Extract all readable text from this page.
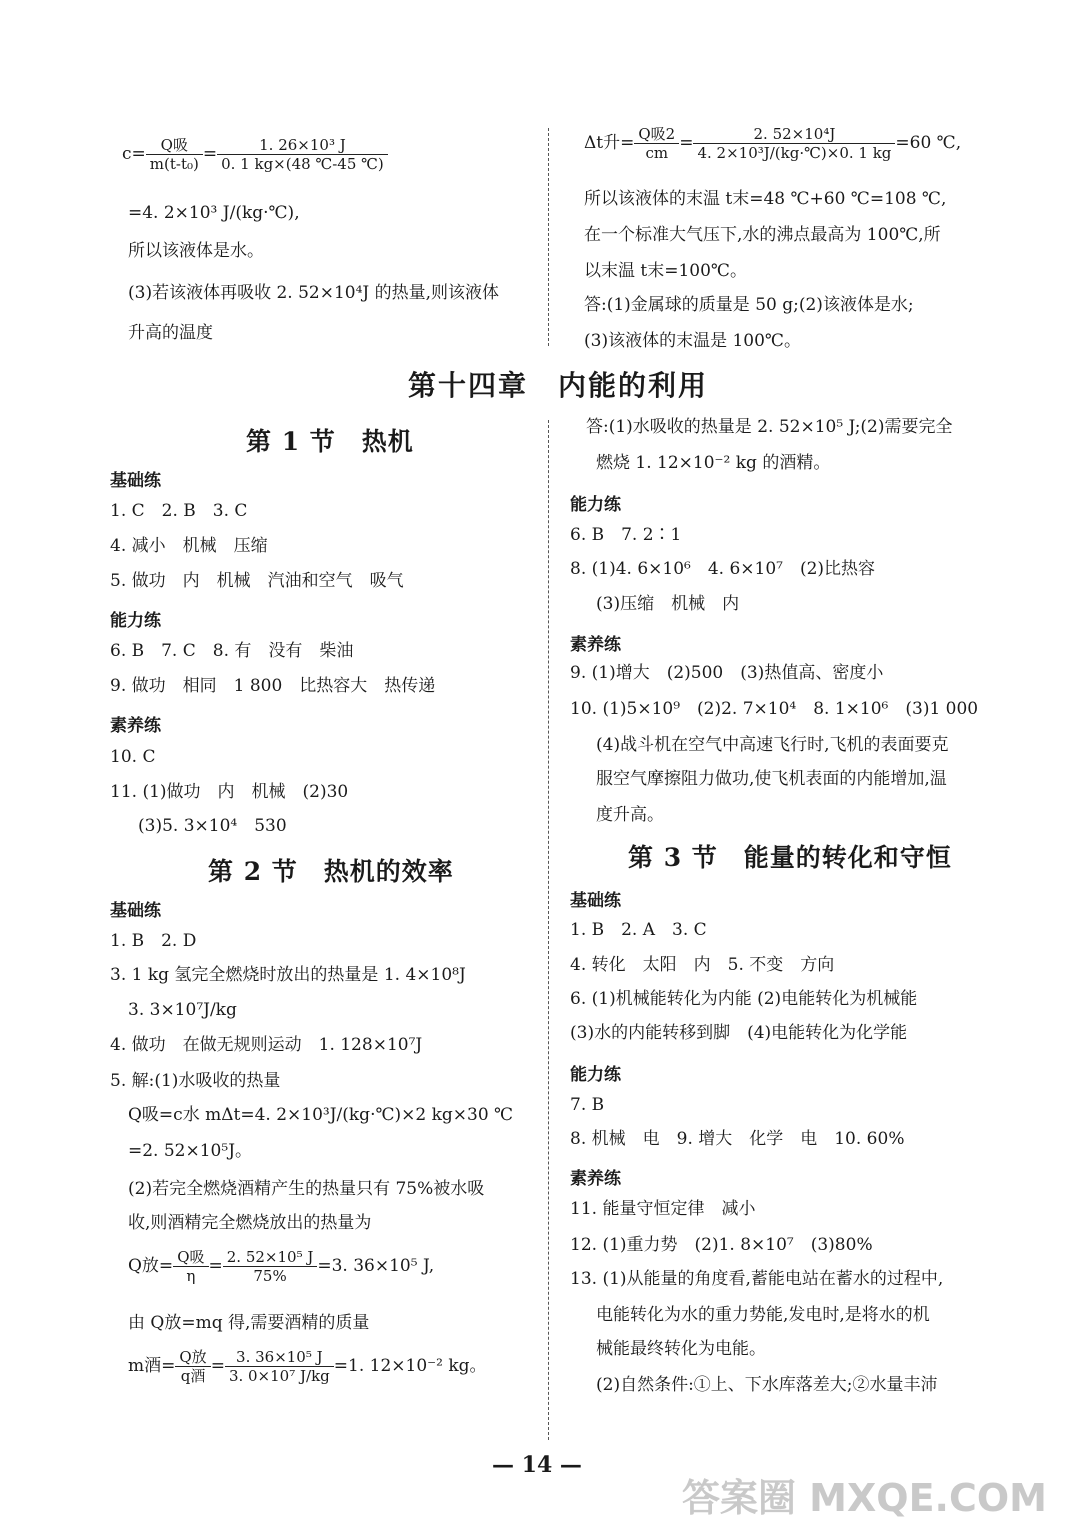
$c= \frac{\text{Q吸}}{\text{m(t-t₀)}} = \frac{\text{1. 26×10³ J}}{0. 1 kg\times(48 ℃-45 ℃)}$
=4. 2×10³ J/(kg·℃),
所以该液体是水。
(3)若该液体再吸收 2. 52×10⁴J 的热量,则该液体
升高的温度
Δt升= $\frac{\text{Q吸2}}{cm} = \frac{\text{2. 52×10⁴J}}{\text{4. 2×10³J/(kg·℃)×0. 1 kg}} =60$ ℃,
所以该液体的末温 t末=48 ℃+60 ℃=108 ℃,
在一个标准大气压下,水的沸点最高为 100℃,所
以末温 t末=100℃。
答:(1)金属球的质量是 50 g;(2)该液体是水;
(3)该液体的末温是 100℃。
第十四章　内能的利用
第 1 节　热机
基础练
1. C　2. B　3. C
4. 减小　机械　压缩
5. 做功　内　机械　汽油和空气　吸气
能力练
6. B　7. C　8. 有　没有　柴油
9. 做功　相同　1 800　比热容大　热传递
素养练
10. C
11. (1)做功　内　机械　(2)30
(3)5. 3×10⁴　530
第 2 节　热机的效率
基础练
1. B　2. D
3. 1 kg 氢完全燃烧时放出的热量是 1. 4×10⁸J
3. 3×10⁷J/kg
4. 做功　在做无规则运动　1. 128×10⁷J
5. 解:(1)水吸收的热量
Q吸=c水 mΔt=4. 2×10³J/(kg·℃)×2 kg×30 ℃
=2. 52×10⁵J。
(2)若完全燃烧酒精产生的热量只有 75%被水吸
收,则酒精完全燃烧放出的热量为
Q放= $\frac{\text{Q吸}}{\eta} = \frac{\text{2. 52×10⁵ J}}{75\%} =3$. 36×10⁵ J,
由 Q放=mq 得,需要酒精的质量
m酒= $\frac{\text{Q放}}{\text{q酒}} = \frac{\text{3. 36×10⁵ J}}{\text{3. 0×10⁷ J/kg}} =1$. 12×10⁻² kg。
答:(1)水吸收的热量是 2. 52×10⁵ J;(2)需要完全
燃烧 1. 12×10⁻² kg 的酒精。
能力练
6. B　7. 2∶1
8. (1)4. 6×10⁶　4. 6×10⁷　(2)比热容
(3)压缩　机械　内
素养练
9. (1)增大　(2)500　(3)热值高、密度小
10. (1)5×10⁹　(2)2. 7×10⁴　8. 1×10⁶　(3)1 000
(4)战斗机在空气中高速飞行时,飞机的表面要克
服空气摩擦阻力做功,使飞机表面的内能增加,温
度升高。
第 3 节　能量的转化和守恒
基础练
1. B　2. A　3. C
4. 转化　太阳　内　5. 不变　方向
6. (1)机械能转化为内能 (2)电能转化为机械能
(3)水的内能转移到脚　(4)电能转化为化学能
能力练
7. B
8. 机械　电　9. 增大　化学　电　10. 60%
素养练
11. 能量守恒定律　减小
12. (1)重力势　(2)1. 8×10⁷　(3)80%
13. (1)从能量的角度看,蓄能电站在蓄水的过程中,
电能转化为水的重力势能,发电时,是将水的机
械能最终转化为电能。
(2)自然条件:①上、下水库落差大;②水量丰沛
— 14 —
答案圈 MXQE.COM
